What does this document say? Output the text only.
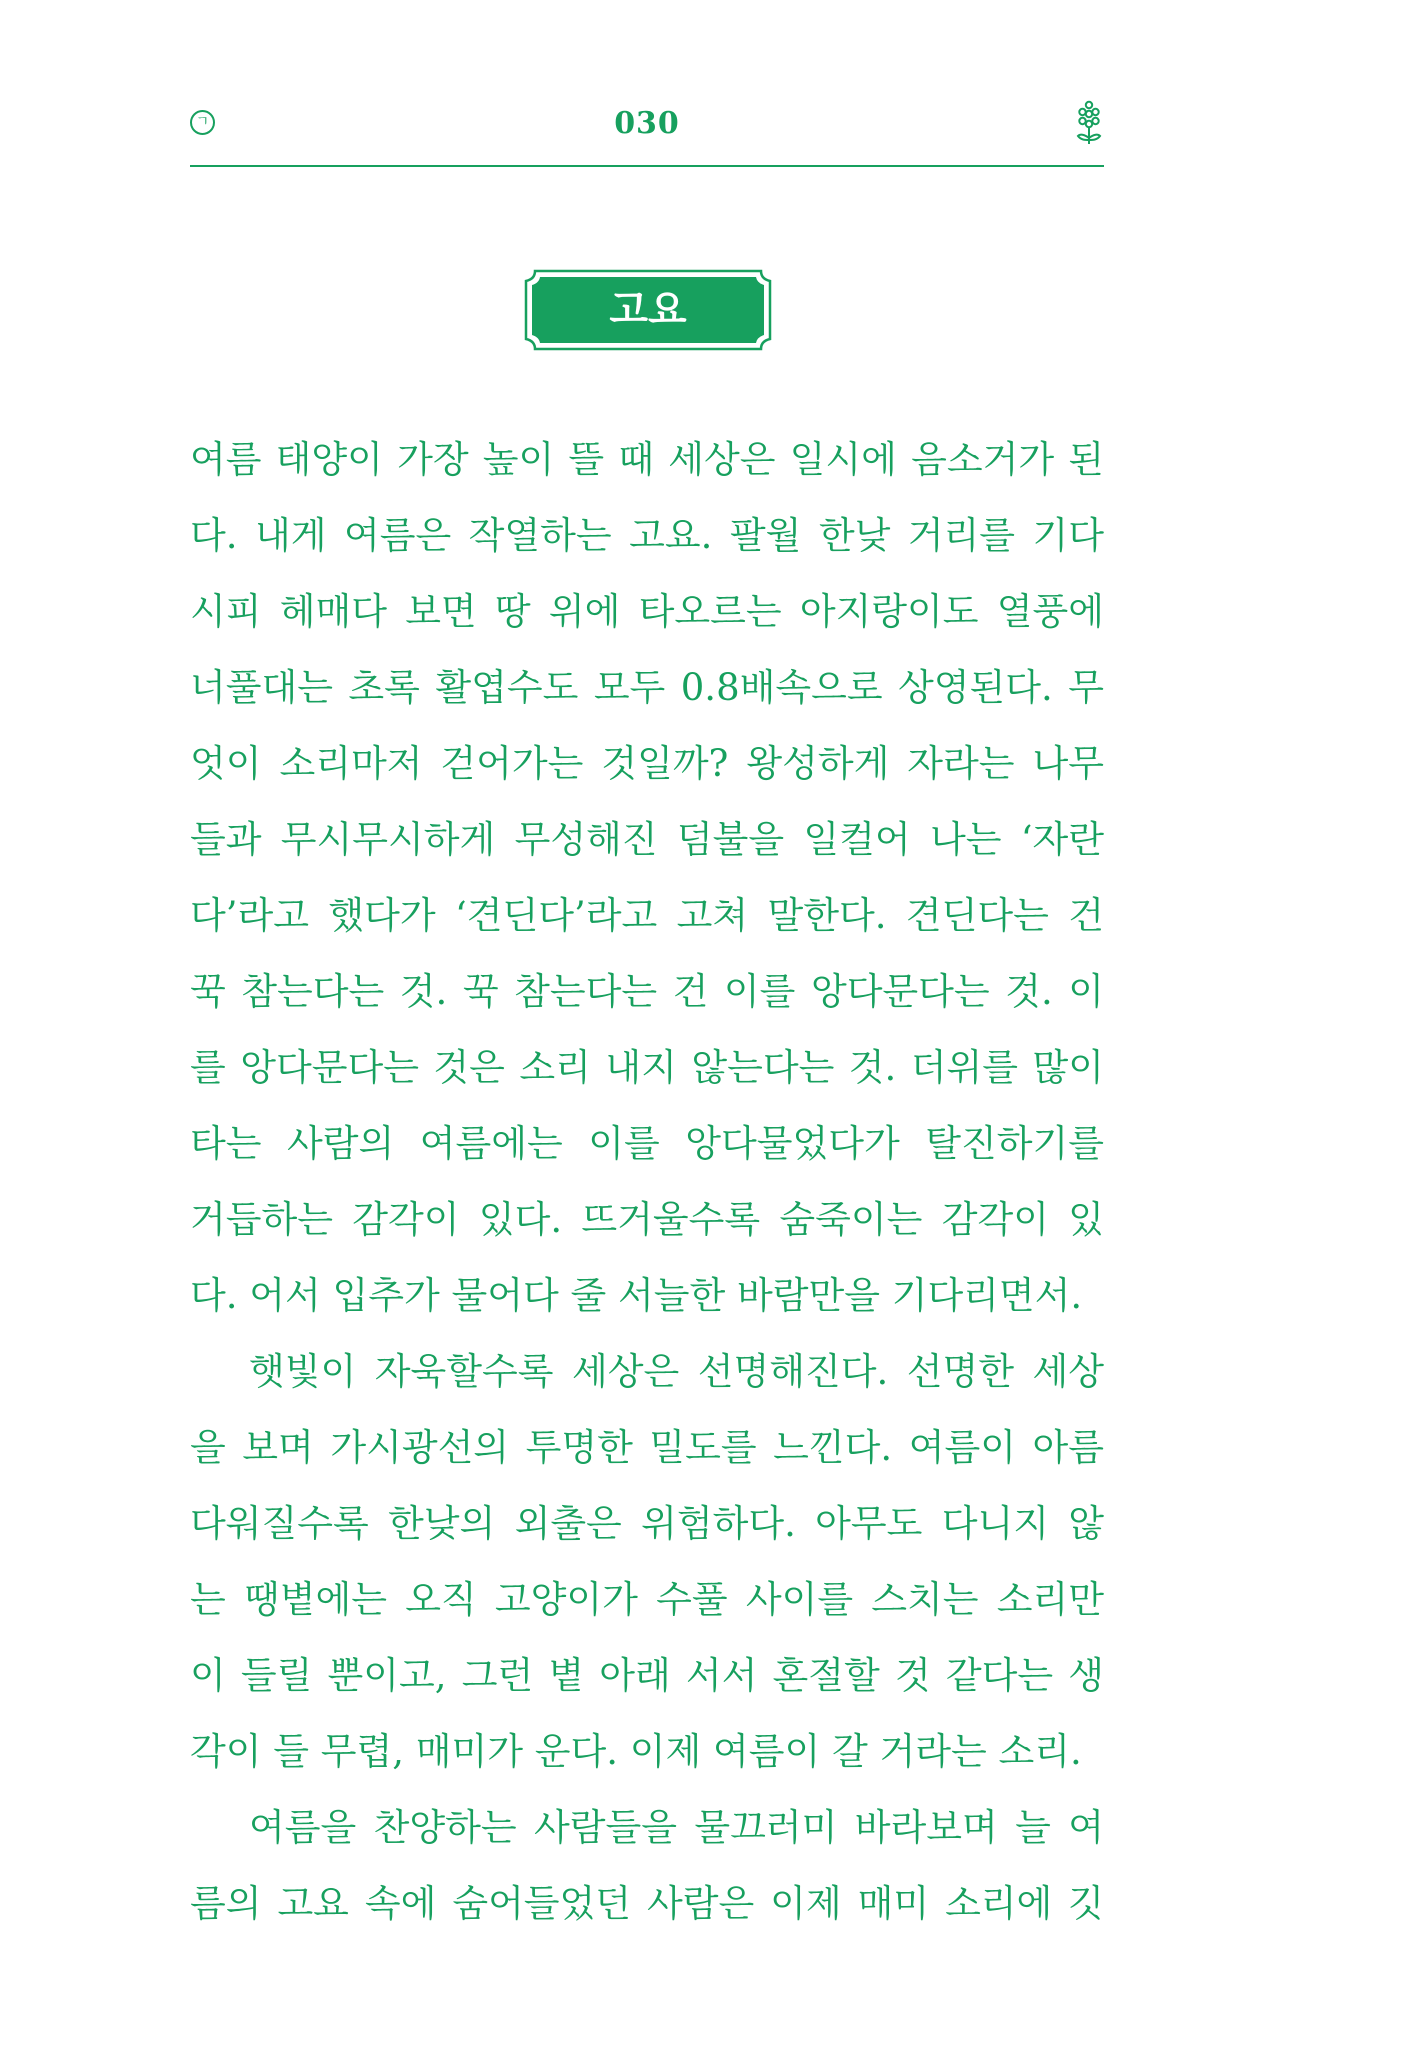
ㄱ	030
고요
여름 태양이 가장 높이 뜰 때 세상은 일시에 음소거가 된
다. 내게 여름은 작열하는 고요. 팔월 한낮 거리를 기다
시피 헤매다 보면 땅 위에 타오르는 아지랑이도 열풍에
너풀대는 초록 활엽수도 모두 0.8배속으로 상영된다. 무
엇이 소리마저 걷어가는 것일까? 왕성하게 자라는 나무
들과 무시무시하게 무성해진 덤불을 일컬어 나는 ‘자란
다’라고 했다가 ‘견딘다’라고 고쳐 말한다. 견딘다는 건
꾹 참는다는 것. 꾹 참는다는 건 이를 앙다문다는 것. 이
를 앙다문다는 것은 소리 내지 않는다는 것. 더위를 많이
타는 사람의 여름에는 이를 앙다물었다가 탈진하기를
거듭하는 감각이 있다. 뜨거울수록 숨죽이는 감각이 있
다. 어서 입추가 물어다 줄 서늘한 바람만을 기다리면서.
햇빛이 자욱할수록 세상은 선명해진다. 선명한 세상
을 보며 가시광선의 투명한 밀도를 느낀다. 여름이 아름
다워질수록 한낮의 외출은 위험하다. 아무도 다니지 않
는 땡볕에는 오직 고양이가 수풀 사이를 스치는 소리만
이 들릴 뿐이고, 그런 볕 아래 서서 혼절할 것 같다는 생
각이 들 무렵, 매미가 운다. 이제 여름이 갈 거라는 소리.
여름을 찬양하는 사람들을 물끄러미 바라보며 늘 여
름의 고요 속에 숨어들었던 사람은 이제 매미 소리에 깃
